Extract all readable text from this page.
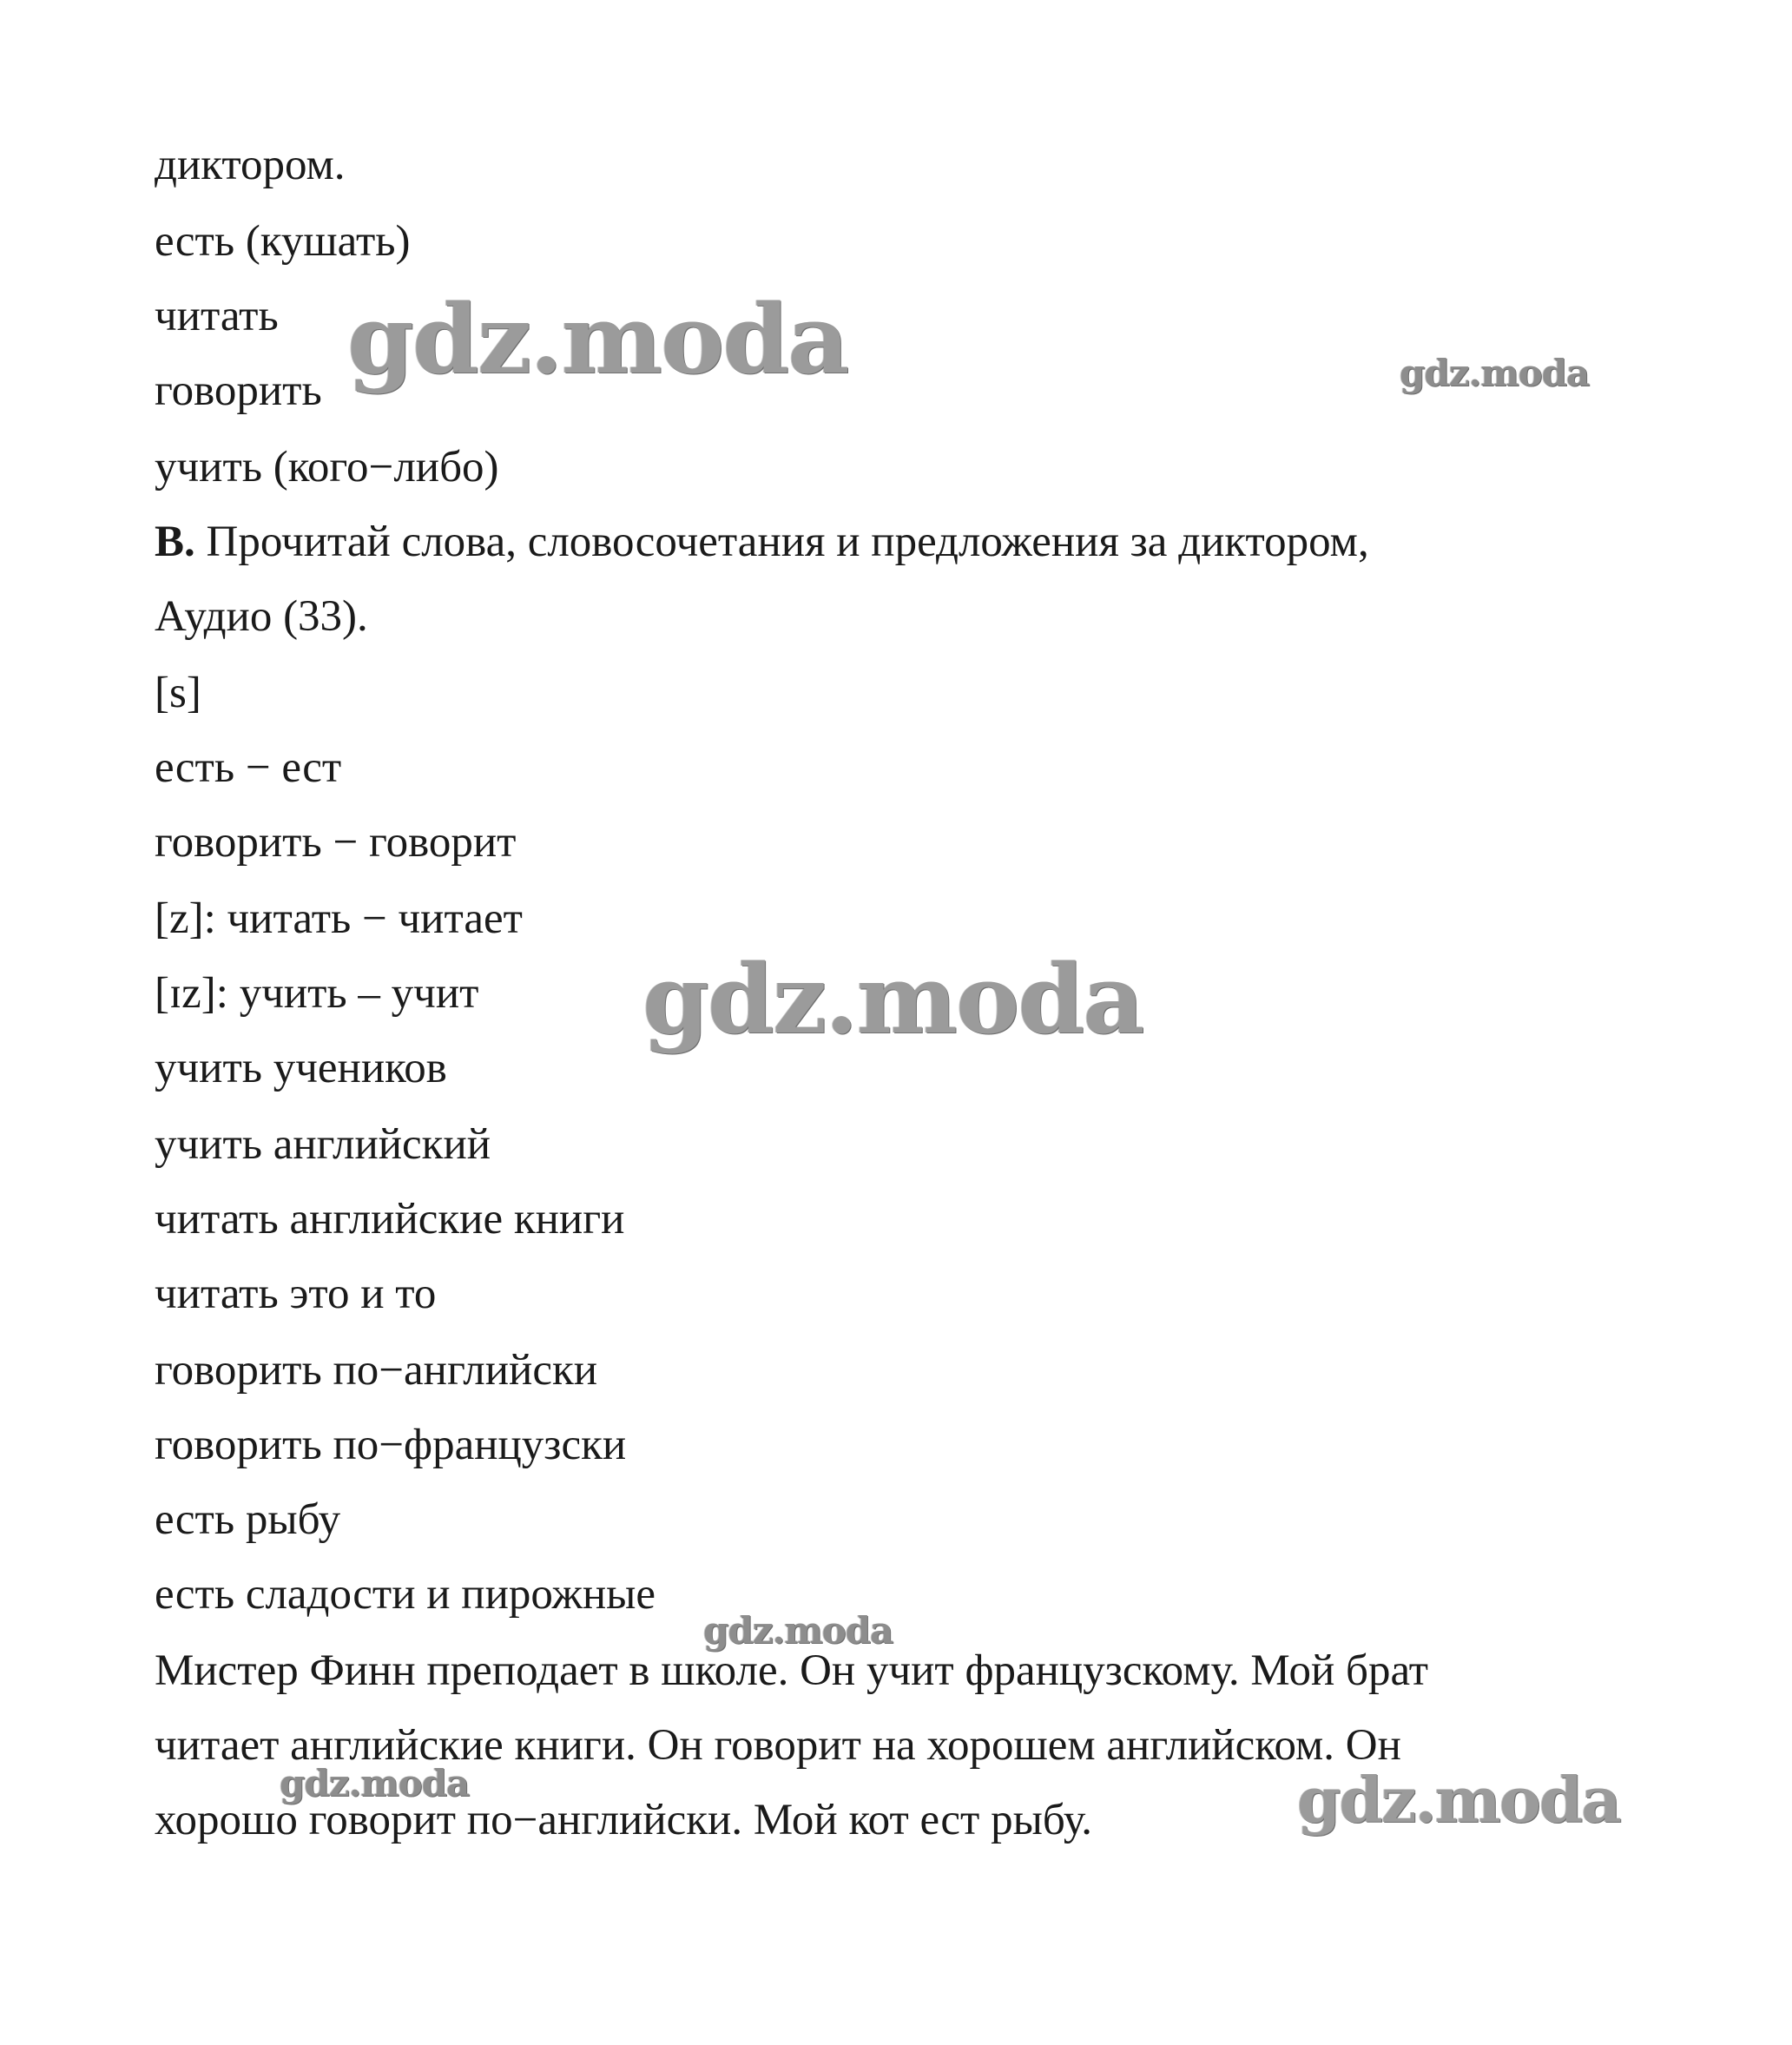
диктором.
есть (кушать)
читать
говорить
учить (кого−либо)
B. Прочитай слова, словосочетания и предложения за диктором,
Аудио (33).
[s]
есть − ест
говорить − говорит
[z]: читать − читает
[ɪz]: учить – учит
учить учеников
учить английский
читать английские книги
читать это и то
говорить по−английски
говорить по−французски
есть рыбу
есть сладости и пирожные
Мистер Финн преподает в школе. Он учит французскому. Мой брат
читает английские книги. Он говорит на хорошем английском. Он
хорошо говорит по−английски. Мой кот ест рыбу.
gdz.moda	gdz.moda
gdz.moda
gdz.moda
gdz.moda	gdz.moda
